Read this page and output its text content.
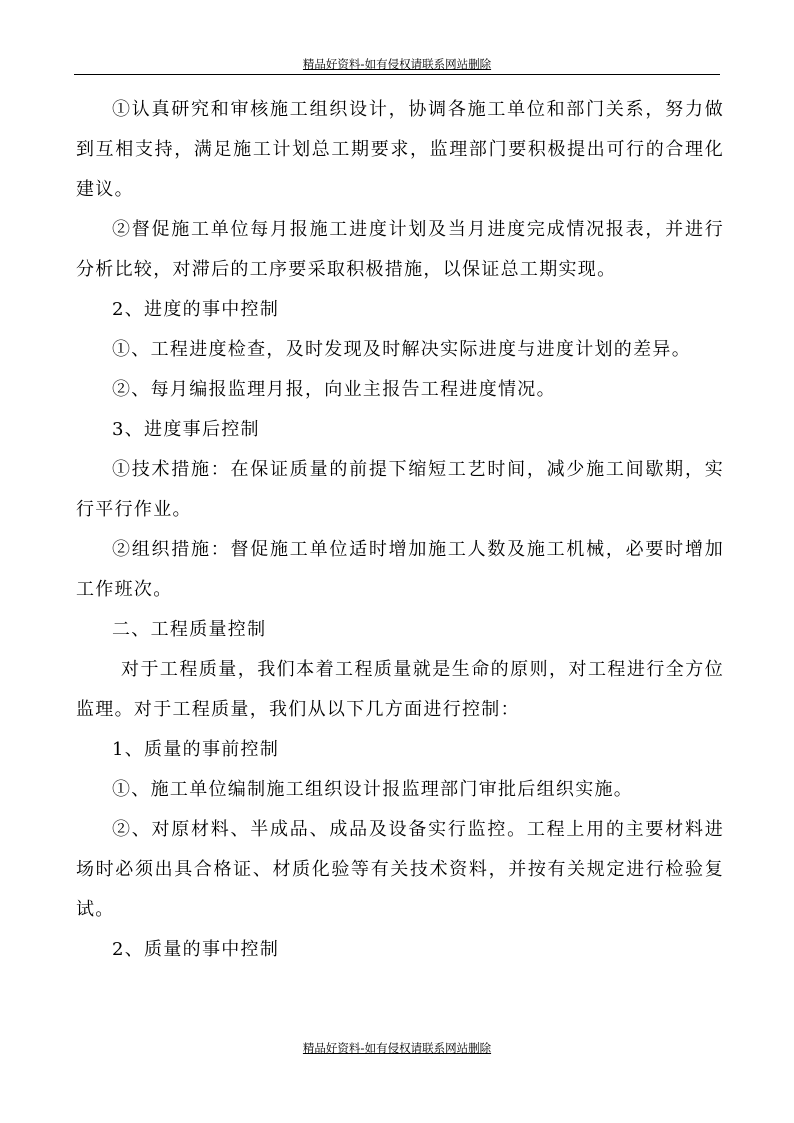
精品好资料-如有侵权请联系网站删除

①认真研究和审核施工组织设计，协调各施工单位和部门关系，努力做到互相支持，满足施工计划总工期要求，监理部门要积极提出可行的合理化建议。

②督促施工单位每月报施工进度计划及当月进度完成情况报表，并进行分析比较，对滞后的工序要采取积极措施，以保证总工期实现。

2、进度的事中控制

①、工程进度检查，及时发现及时解决实际进度与进度计划的差异。

②、每月编报监理月报，向业主报告工程进度情况。

3、进度事后控制

①技术措施：在保证质量的前提下缩短工艺时间，减少施工间歇期，实行平行作业。

②组织措施：督促施工单位适时增加施工人数及施工机械，必要时增加工作班次。

二、工程质量控制

对于工程质量，我们本着工程质量就是生命的原则，对工程进行全方位监理。对于工程质量，我们从以下几方面进行控制：

1、质量的事前控制

①、施工单位编制施工组织设计报监理部门审批后组织实施。

②、对原材料、半成品、成品及设备实行监控。工程上用的主要材料进场时必须出具合格证、材质化验等有关技术资料，并按有关规定进行检验复试。

2、质量的事中控制

精品好资料-如有侵权请联系网站删除
